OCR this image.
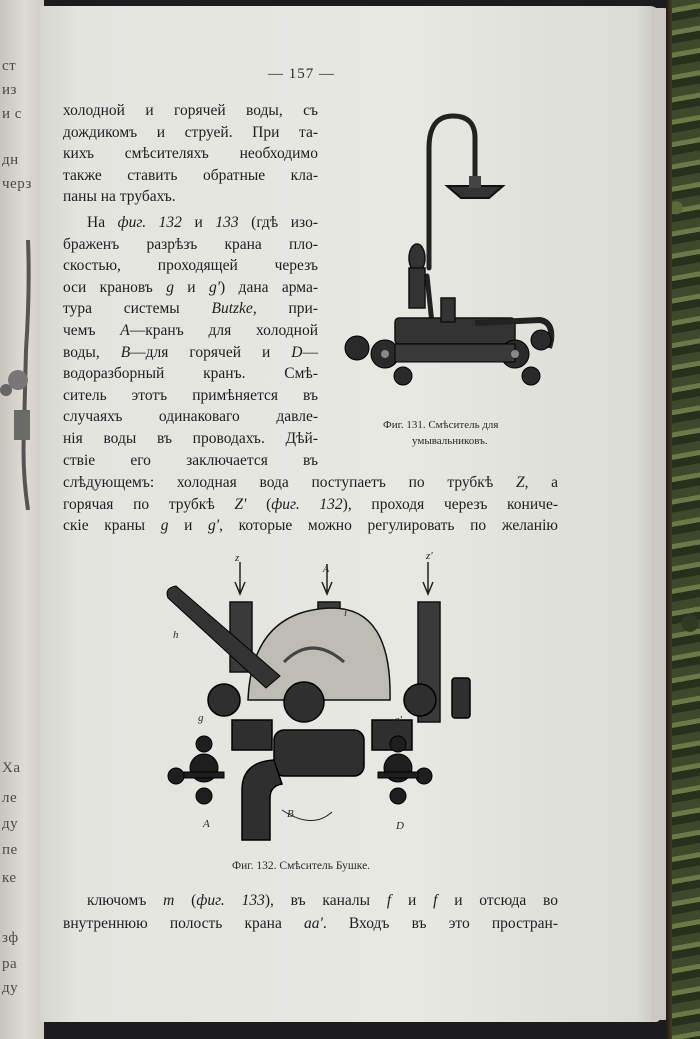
ст
из
и с
дн
черз
Xa
ле
ду
пе
ке
зф
ра
ду
— 157 —
холодной и горячей воды, съ
дождикомъ и струей. При та-
кихъ смѣсителяхъ необходимо
также ставить обратные кла-
паны на трубахъ.
На фиг. 132 и 133 (гдѣ изо-
браженъ разрѣзъ крана пло-
скостью, проходящей черезъ
оси крановъ g и g') дана арма-
тура системы Butzke, при-
чемъ A—кранъ для холодной
воды, B—для горячей и D—
водоразборный кранъ. Смѣ-
ситель этотъ примѣняется въ
случаяхъ одинаковаго давле-
нiя воды въ проводахъ. Дѣй-
ствiе его заключается въ
слѣдующемъ: холодная вода поступаетъ по трубкѣ Z, а
горячая по трубкѣ Z' (фиг. 132), проходя черезъ кониче-
скiе краны g и g', которые можно регулировать по желанiю
ключомъ m (фиг. 133), въ каналы f и f и отсюда во
внутреннюю полость крана aa'. Входъ въ это простран-
Фиг. 131. Смѣситель для
умывальниковъ.
z
A
z'
h
i
g	g'
A
B
D
Фиг. 132. Смѣситель Бушке.
